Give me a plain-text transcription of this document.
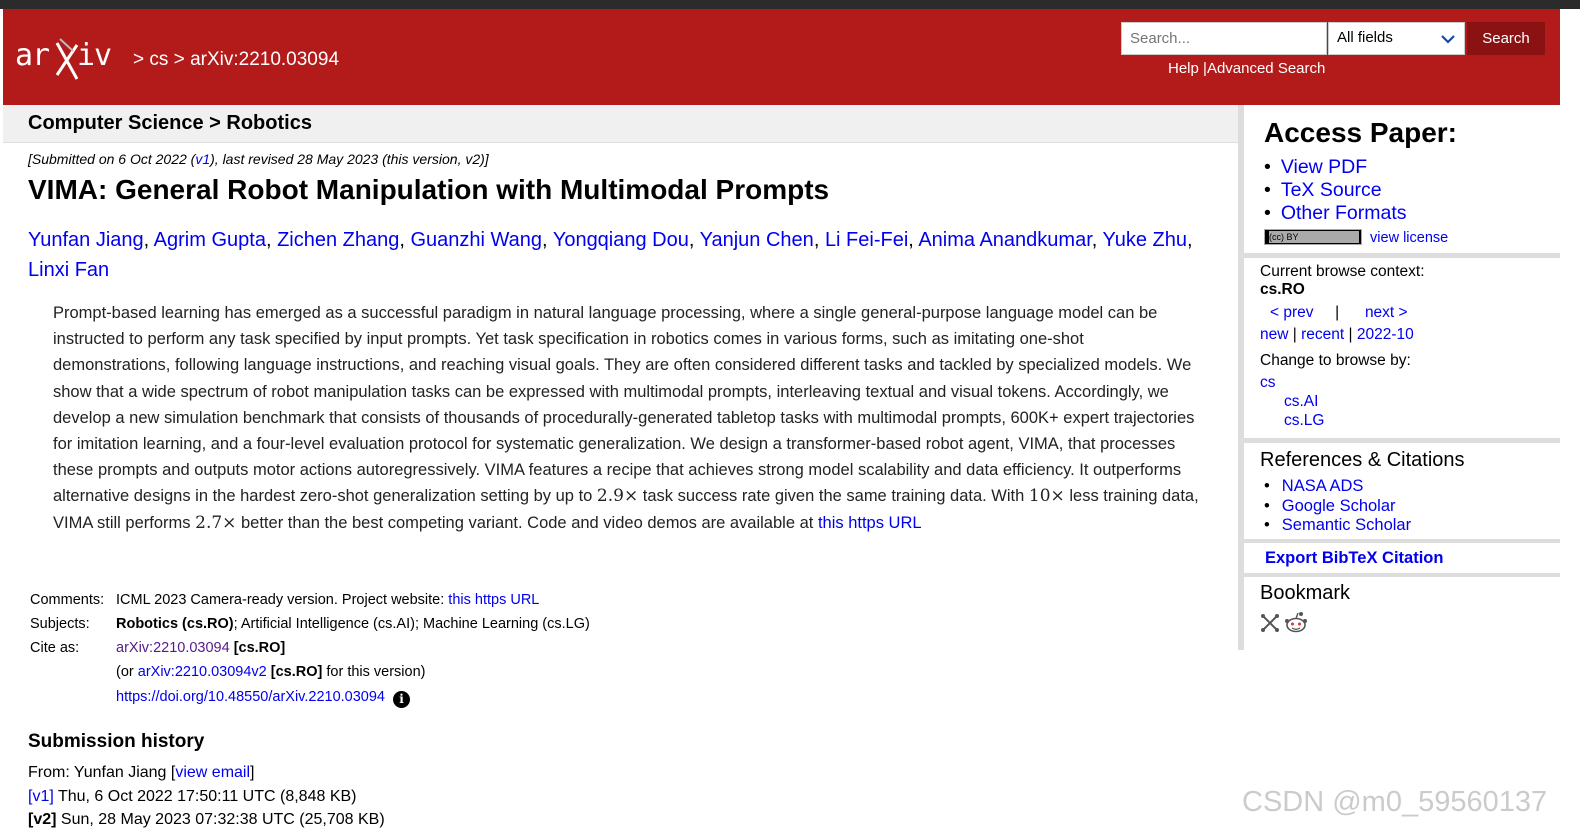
ar iv > cs > arXiv:2210.03094
Search...
All fields	Search
Help |Advanced Search
Computer Science > Robotics
[Submitted on 6 Oct 2022 (v1), last revised 28 May 2023 (this version, v2)]
VIMA: General Robot Manipulation with Multimodal Prompts
Yunfan Jiang, Agrim Gupta, Zichen Zhang, Guanzhi Wang, Yongqiang Dou, Yanjun Chen, Li Fei-Fei, Anima Anandkumar, Yuke Zhu, Linxi Fan
Prompt-based learning has emerged as a successful paradigm in natural language processing, where a single general-purpose language model can be instructed to perform any task specified by input prompts. Yet task specification in robotics comes in various forms, such as imitating one-shot demonstrations, following language instructions, and reaching visual goals. They are often considered different tasks and tackled by specialized models. We show that a wide spectrum of robot manipulation tasks can be expressed with multimodal prompts, interleaving textual and visual tokens. Accordingly, we develop a new simulation benchmark that consists of thousands of procedurally-generated tabletop tasks with multimodal prompts, 600K+ expert trajectories for imitation learning, and a four-level evaluation protocol for systematic generalization. We design a transformer-based robot agent, VIMA, that processes these prompts and outputs motor actions autoregressively. VIMA features a recipe that achieves strong model scalability and data efficiency. It outperforms alternative designs in the hardest zero-shot generalization setting by up to 2.9× task success rate given the same training data. With 10× less training data, VIMA still performs 2.7× better than the best competing variant. Code and video demos are available at this https URL
Comments: ICML 2023 Camera-ready version. Project website: this https URL
Subjects: Robotics (cs.RO); Artificial Intelligence (cs.AI); Machine Learning (cs.LG)
Cite as:	arXiv:2210.03094 [cs.RO]
(or arXiv:2210.03094v2 [cs.RO] for this version)
https://doi.org/10.48550/arXiv.2210.03094 i
Submission history
From: Yunfan Jiang [view email]
[v1] Thu, 6 Oct 2022 17:50:11 UTC (8,848 KB)
[v2] Sun, 28 May 2023 07:32:38 UTC (25,708 KB)
Access Paper:
• View PDF
• TeX Source
• Other Formats
(cc) BY	view license
Current browse context:
cs.RO
< prev | next >
new | recent | 2022-10
Change to browse by:
cs
cs.AI
cs.LG
References & Citations
• NASA ADS
• Google Scholar
• Semantic Scholar
Export BibTeX Citation
Bookmark

CSDN @m0_59560137
